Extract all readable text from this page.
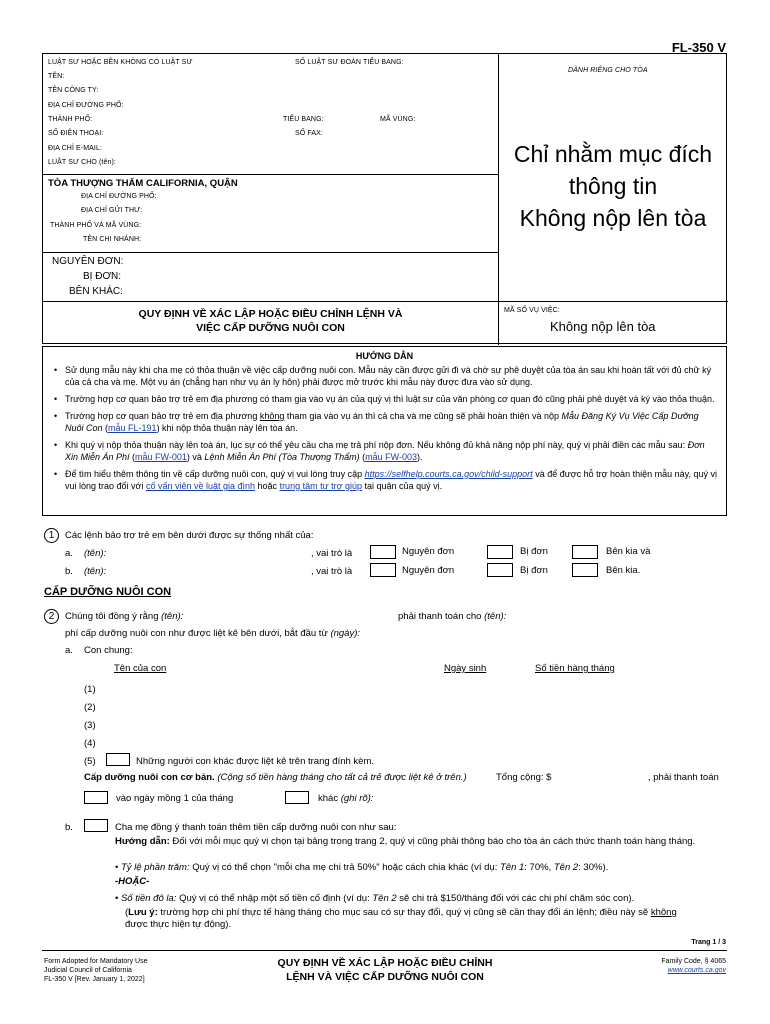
FL-350 V
LUẬT SƯ HOẶC BÊN KHÔNG CÓ LUẬT SƯ	SỐ LUẬT SƯ ĐOÀN TIỂU BANG:
TÊN:
TÊN CÔNG TY:
ĐỊA CHỈ ĐƯỜNG PHỐ:
THÀNH PHỐ:	TIỂU BANG:	MÃ VÙNG:
SỐ ĐIỆN THOẠI:	SỐ FAX:
ĐỊA CHỈ E-MAIL:
LUẬT SƯ CHO (tên):
DÀNH RIÊNG CHO TÒA
Chỉ nhằm mục đích
thông tin
Không nộp lên tòa
TÒA THƯỢNG THẨM CALIFORNIA, QUẬN
ĐỊA CHỈ ĐƯỜNG PHỐ:
ĐỊA CHỈ GỬI THƯ:
THÀNH PHỐ VÀ MÃ VÙNG:
TÊN CHI NHÁNH:
NGUYÊN ĐƠN:
BỊ ĐƠN:
BÊN KHÁC:
QUY ĐỊNH VỀ XÁC LẬP HOẶC ĐIỀU CHỈNH LỆNH VÀ
VIỆC CẤP DƯỠNG NUÔI CON
MÃ SỐ VỤ VIỆC:
Không nộp lên tòa
HƯỚNG DẪN
• Sử dụng mẫu này khi cha mẹ có thỏa thuận về việc cấp dưỡng nuôi con. Mẫu này cần được gửi đi và chờ sự phê duyệt của tòa án sau khi hoàn tất với đủ chữ ký của cả cha và mẹ. Một vụ án (chẳng hạn như vụ án ly hôn) phải được mở trước khi mẫu này được đưa vào sử dụng.
• Trường hợp cơ quan bảo trợ trẻ em địa phương có tham gia vào vụ án của quý vị thì luật sư của văn phòng cơ quan đó cũng phải phê duyệt và ký vào thỏa thuận.
• Trường hợp cơ quan bảo trợ trẻ em địa phương không tham gia vào vụ án thì cả cha và mẹ cũng sẽ phải hoàn thiện và nộp Mẫu Đăng Ký Vụ Việc Cấp Dưỡng Nuôi Con (mẫu FL-191) khi nộp thỏa thuận này lên tòa án.
• Khi quý vị nộp thỏa thuận này lên toà án, lục sự có thể yêu cầu cha mẹ trả phí nộp đơn. Nếu không đủ khả năng nộp phí này, quý vị phải điền các mẫu sau: Đơn Xin Miễn Án Phí (mẫu FW-001) và Lệnh Miễn Án Phí (Tòa Thượng Thẩm) (mẫu FW-003).
• Để tìm hiểu thêm thông tin về cấp dưỡng nuôi con, quý vị vui lòng truy cập https://selfhelp.courts.ca.gov/child-support và để được hỗ trợ hoàn thiện mẫu này, quý vị vui lòng trao đổi với cố vấn viên về luật gia đình hoặc trung tâm tư trợ giúp tại quận của quý vị.
1	Các lệnh bảo trợ trẻ em bên dưới được sự thống nhất của:
a. (tên):	, vai trò là	Nguyên đơn	Bị đơn	Bên kia và
b. (tên):	, vai trò là	Nguyên đơn	Bị đơn	Bên kia.
CẤP DƯỠNG NUÔI CON
2	Chúng tôi đồng ý rằng (tên):	phải thanh toán cho (tên):
phí cấp dưỡng nuôi con như được liệt kê bên dưới, bắt đầu từ (ngày):
a. Con chung:
Tên của con	Ngày sinh	Số tiền hàng tháng
(1)
(2)
(3)
(4)
(5)	Những người con khác được liệt kê trên trang đính kèm.
Cấp dưỡng nuôi con cơ bản. (Cộng số tiền hàng tháng cho tất cả trẻ được liệt kê ở trên.)	Tổng cộng: $	, phải thanh toán
vào ngày mồng 1 của tháng	khác (ghi rõ):
b.	Cha mẹ đồng ý thanh toán thêm tiền cấp dưỡng nuôi con như sau:
Hướng dẫn: Đối với mỗi mục quý vị chọn tại bảng trong trang 2, quý vị cũng phải thông báo cho tòa án cách thức thanh toán hàng tháng.
• Tỷ lệ phần trăm: Quý vị có thể chọn "mỗi cha mẹ chi trả 50%" hoặc cách chia khác (ví dụ: Tên 1: 70%, Tên 2: 30%).
-HOẶC-
• Số tiền đô la: Quý vị có thể nhập một số tiền cố định (ví dụ: Tên 2 sẽ chi trả $150/tháng đối với các chi phí chăm sóc con).
(Lưu ý: trường hợp chi phí thực tế hàng tháng cho mục sau có sự thay đổi, quý vị cũng sẽ cần thay đổi án lệnh; điều này sẽ không được thực hiện tự động).
Trang 1 / 3
Form Adopted for Mandatory Use
Judicial Council of California
FL-350 V [Rev. January 1, 2022]
QUY ĐỊNH VỀ XÁC LẬP HOẶC ĐIỀU CHỈNH
LỆNH VÀ VIỆC CẤP DƯỠNG NUÔI CON
Family Code, § 4065
www.courts.ca.gov
